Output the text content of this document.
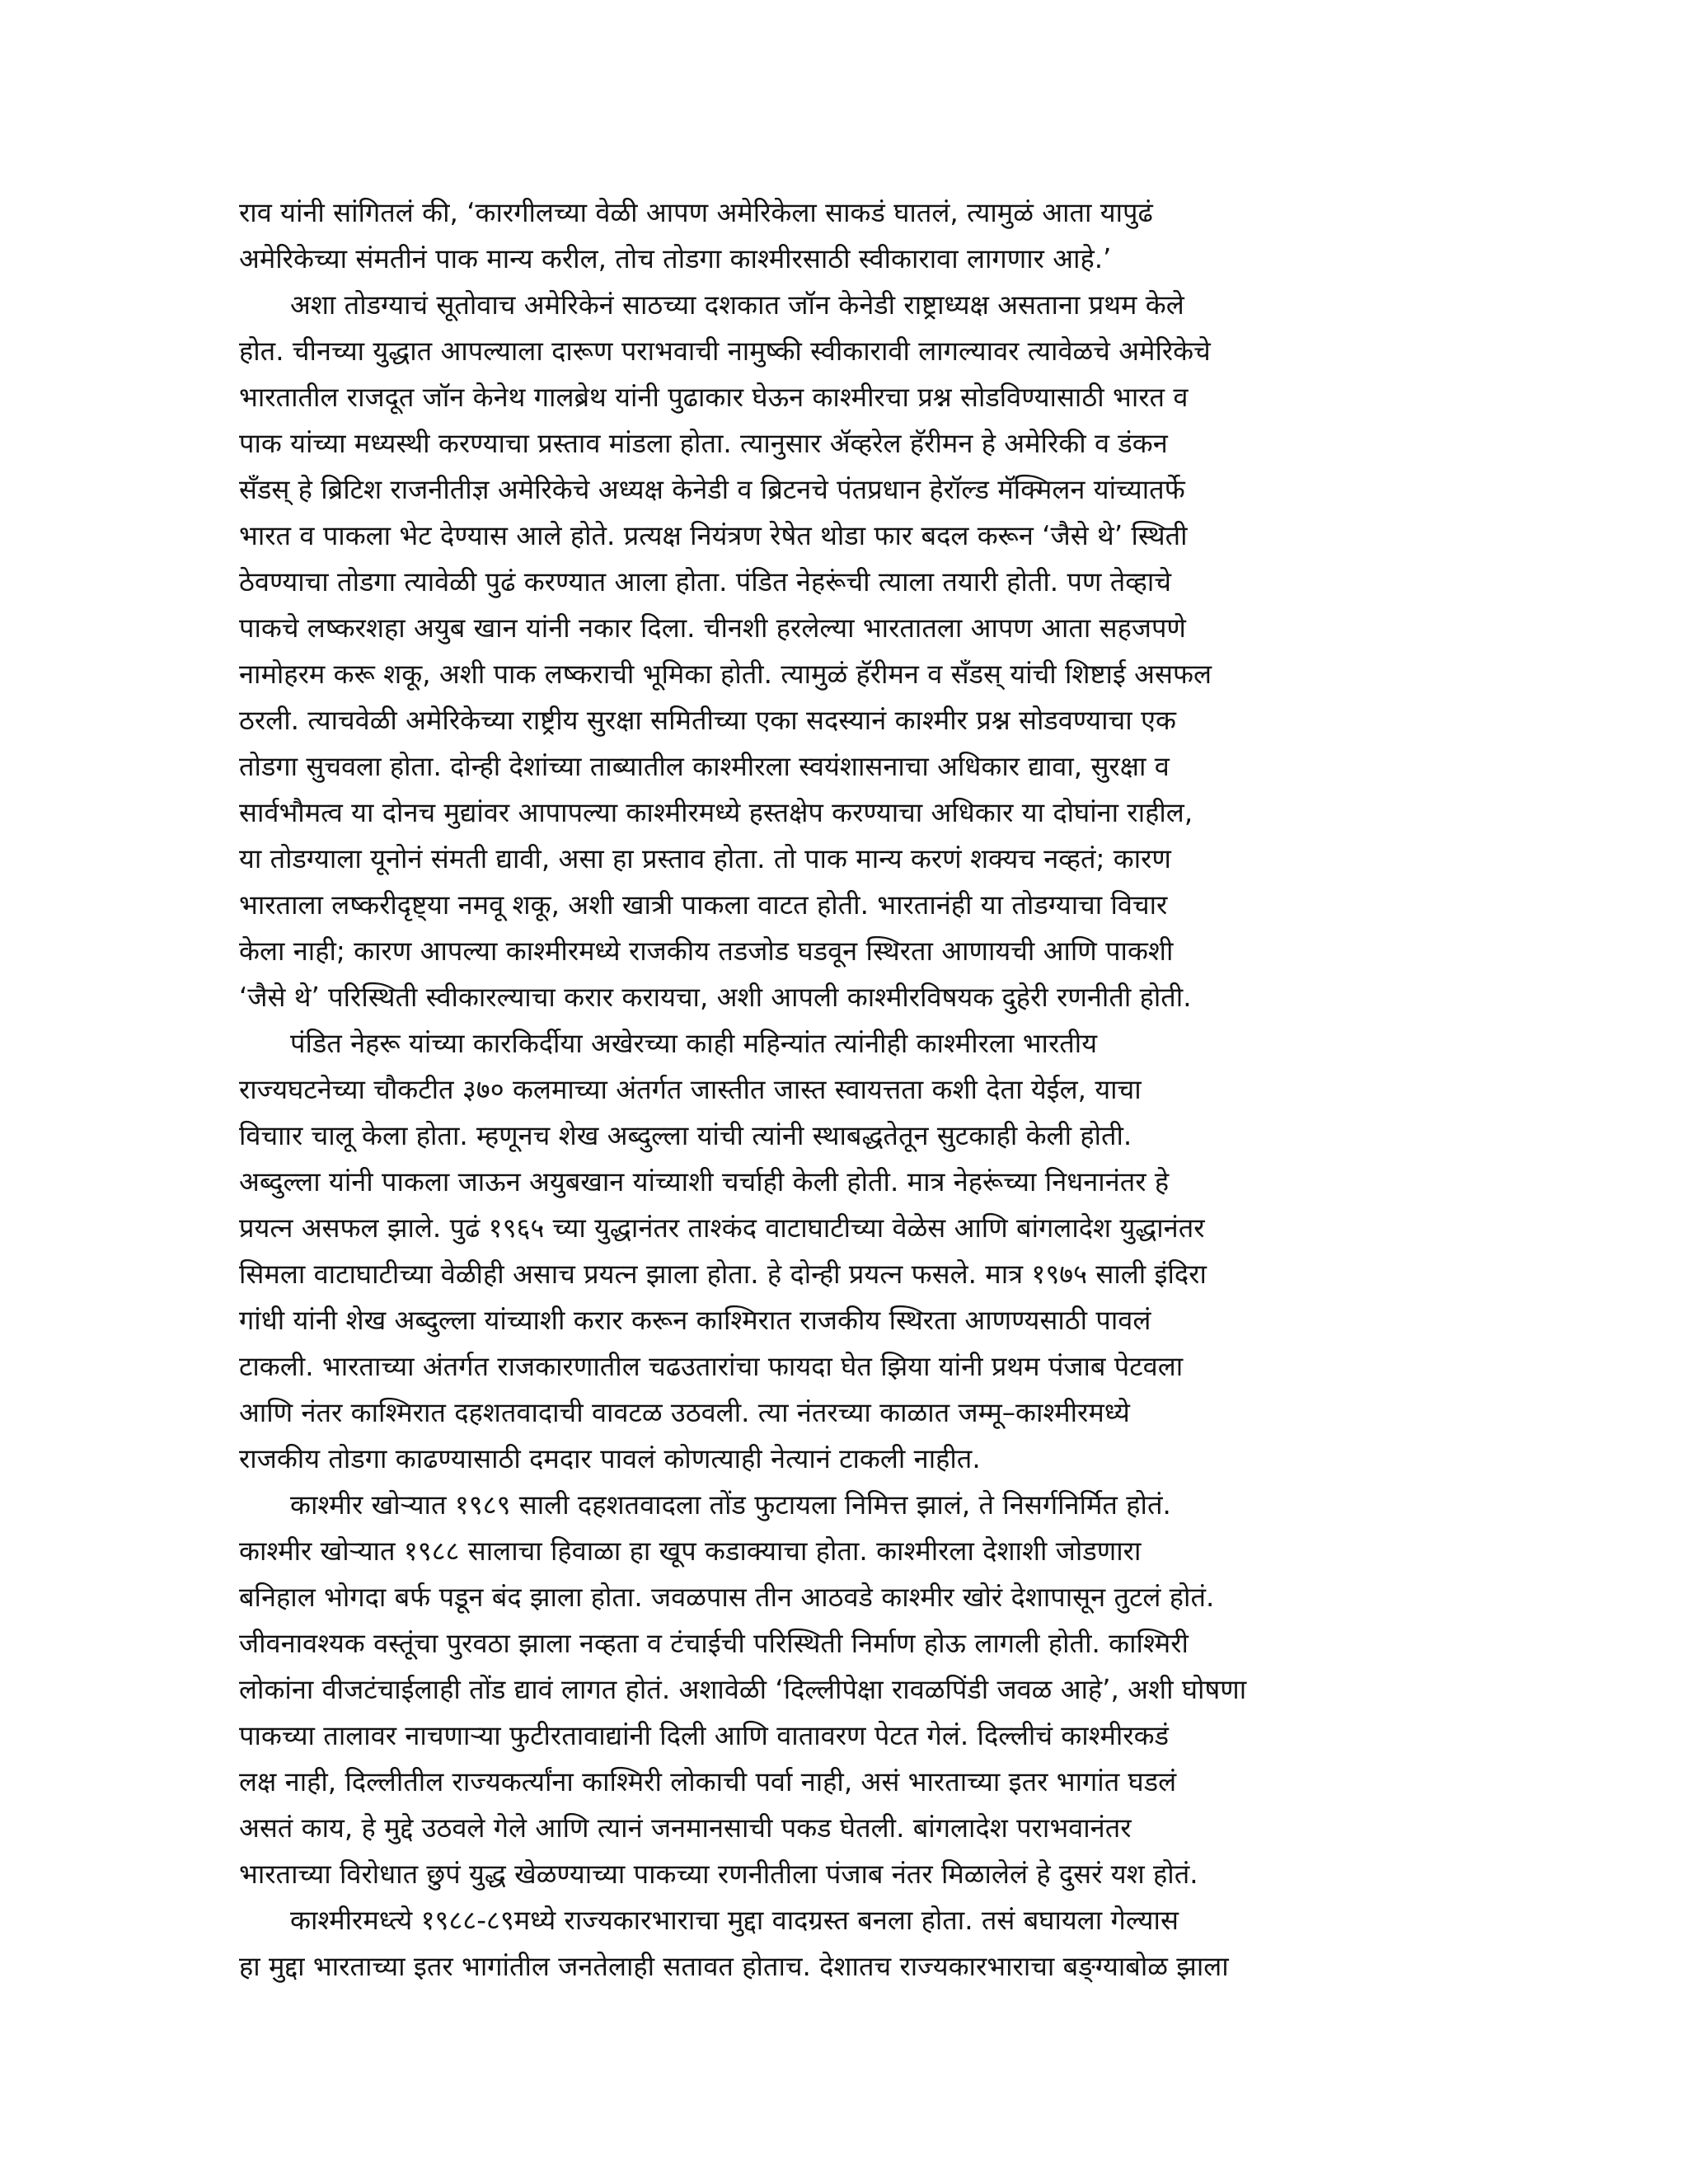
राव यांनी सांगितलं की, ‘कारगीलच्या वेळी आपण अमेरिकेला साकडं घातलं, त्यामुळं आता यापुढं
अमेरिकेच्या संमतीनं पाक मान्य करील, तोच तोडगा काश्मीरसाठी स्वीकारावा लागणार आहे.’

अशा तोडग्याचं सूतोवाच अमेरिकेनं साठच्या दशकात जॉन केनेडी राष्ट्राध्यक्ष असताना प्रथम केले
होत. चीनच्या युद्धात आपल्याला दारूण पराभवाची नामुष्की स्वीकारावी लागल्यावर त्यावेळचे अमेरिकेचे
भारतातील राजदूत जॉन केनेथ गालब्रेथ यांनी पुढाकार घेऊन काश्मीरचा प्रश्न सोडविण्यासाठी भारत व
पाक यांच्या मध्यस्थी करण्याचा प्रस्ताव मांडला होता. त्यानुसार ॲव्हरेल हॅरीमन हे अमेरिकी व डंकन
सँडस् हे ब्रिटिश राजनीतीज्ञ अमेरिकेचे अध्यक्ष केनेडी व ब्रिटनचे पंतप्रधान हेरॉल्ड मॅक्मिलन यांच्यातर्फे
भारत व पाकला भेट देण्यास आले होते. प्रत्यक्ष नियंत्रण रेषेत थोडा फार बदल करून ‘जैसे थे’ स्थिती
ठेवण्याचा तोडगा त्यावेळी पुढं करण्यात आला होता. पंडित नेहरूंची त्याला तयारी होती. पण तेव्हाचे
पाकचे लष्करशहा अयुब खान यांनी नकार दिला. चीनशी हरलेल्या भारतातला आपण आता सहजपणे
नामोहरम करू शकू, अशी पाक लष्कराची भूमिका होती. त्यामुळं हॅरीमन व सँडस् यांची शिष्टाई असफल
ठरली. त्याचवेळी अमेरिकेच्या राष्ट्रीय सुरक्षा समितीच्या एका सदस्यानं काश्मीर प्रश्न सोडवण्याचा एक
तोडगा सुचवला होता. दोन्ही देशांच्या ताब्यातील काश्मीरला स्वयंशासनाचा अधिकार द्यावा, सुरक्षा व
सार्वभौमत्व या दोनच मुद्यांवर आपापल्या काश्मीरमध्ये हस्तक्षेप करण्याचा अधिकार या दोघांना राहील,
या तोडग्याला यूनोनं संमती द्यावी, असा हा प्रस्ताव होता. तो पाक मान्य करणं शक्यच नव्हतं; कारण
भारताला लष्करीदृष्ट्या नमवू शकू, अशी खात्री पाकला वाटत होती. भारतानंही या तोडग्याचा विचार
केला नाही; कारण आपल्या काश्मीरमध्ये राजकीय तडजोड घडवून स्थिरता आणायची आणि पाकशी
‘जैसे थे’ परिस्थिती स्वीकारल्याचा करार करायचा, अशी आपली काश्मीरविषयक दुहेरी रणनीती होती.

पंडित नेहरू यांच्या कारकिर्दीया अखेरच्या काही महिन्यांत त्यांनीही काश्मीरला भारतीय
राज्यघटनेच्या चौकटीत ३७० कलमाच्या अंतर्गत जास्तीत जास्त स्वायत्तता कशी देता येईल, याचा
विचाार चालू केला होता. म्हणूनच शेख अब्दुल्ला यांची त्यांनी स्थाबद्धतेतून सुटकाही केली होती.
अब्दुल्ला यांनी पाकला जाऊन अयुबखान यांच्याशी चर्चाही केली होती. मात्र नेहरूंच्या निधनानंतर हे
प्रयत्न असफल झाले. पुढं १९६५ च्या युद्धानंतर ताश्कंद वाटाघाटीच्या वेळेस आणि बांगलादेश युद्धानंतर
सिमला वाटाघाटीच्या वेळीही असाच प्रयत्न झाला होता. हे दोन्ही प्रयत्न फसले. मात्र १९७५ साली इंदिरा
गांधी यांनी शेख अब्दुल्ला यांच्याशी करार करून काश्मिरात राजकीय स्थिरता आणण्यसाठी पावलं
टाकली. भारताच्या अंतर्गत राजकारणातील चढउतारांचा फायदा घेत झिया यांनी प्रथम पंजाब पेटवला
आणि नंतर काश्मिरात दहशतवादाची वावटळ उठवली. त्या नंतरच्या काळात जम्मू–काश्मीरमध्ये
राजकीय तोडगा काढण्यासाठी दमदार पावलं कोणत्याही नेत्यानं टाकली नाहीत.

काश्मीर खोऱ्यात १९८९ साली दहशतवादला तोंड फुटायला निमित्त झालं, ते निसर्गनिर्मित होतं.
काश्मीर खोऱ्यात १९८८ सालाचा हिवाळा हा खूप कडाक्याचा होता. काश्मीरला देशाशी जोडणारा
बनिहाल भोगदा बर्फ पडून बंद झाला होता. जवळपास तीन आठवडे काश्मीर खोरं देशापासून तुटलं होतं.
जीवनावश्यक वस्तूंचा पुरवठा झाला नव्हता व टंचाईची परिस्थिती निर्माण होऊ लागली होती. काश्मिरी
लोकांना वीजटंचाईलाही तोंड द्यावं लागत होतं. अशावेळी ‘दिल्लीपेक्षा रावळपिंडी जवळ आहे’, अशी घोषणा
पाकच्या तालावर नाचणाऱ्या फुटीरतावाद्यांनी दिली आणि वातावरण पेटत गेलं. दिल्लीचं काश्मीरकडं
लक्ष नाही, दिल्लीतील राज्यकर्त्यांना काश्मिरी लोकाची पर्वा नाही, असं भारताच्या इतर भागांत घडलं
असतं काय, हे मुद्दे उठवले गेले आणि त्यानं जनमानसाची पकड घेतली. बांगलादेश पराभवानंतर
भारताच्या विरोधात छुपं युद्ध खेळण्याच्या पाकच्या रणनीतीला पंजाब नंतर मिळालेलं हे दुसरं यश होतं.

काश्मीरमध्त्ये १९८८-८९मध्ये राज्यकारभाराचा मुद्दा वादग्रस्त बनला होता. तसं बघायला गेल्यास
हा मुद्दा भारताच्या इतर भागांतील जनतेलाही सतावत होताच. देशातच राज्यकारभाराचा बङ्ग्याबोळ झाला
